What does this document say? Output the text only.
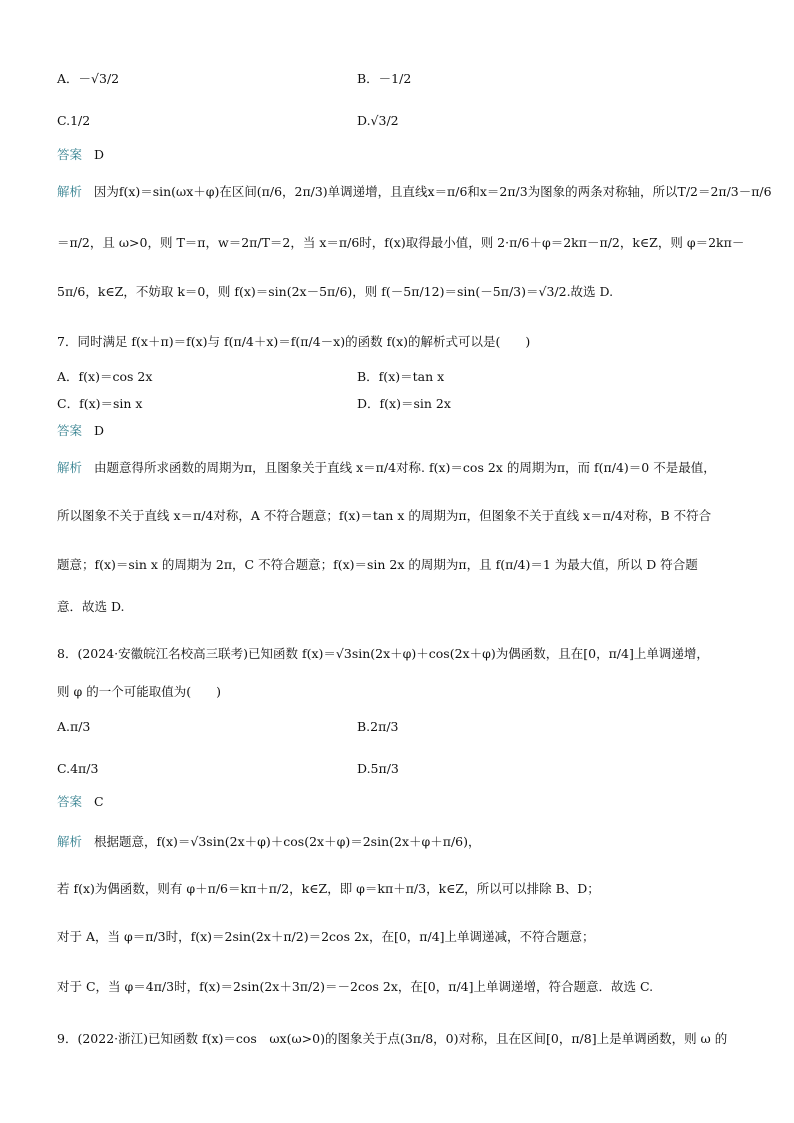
A．－√3/2	B．－1/2
C.1/2	D.√3/2
答案 D
解析 因为f(x)＝sin(ωx＋φ)在区间(π/6，2π/3)单调递增，且直线x＝π/6和x＝2π/3为图象的两条对称轴，所以T/2＝2π/3－π/6
＝π/2，且 ω>0，则 T＝π，w＝2π/T＝2，当 x＝π/6时，f(x)取得最小值，则 2·π/6＋φ＝2kπ－π/2，k∈Z，则 φ＝2kπ－
5π/6，k∈Z，不妨取 k＝0，则 f(x)＝sin(2x－5π/6)，则 f(－5π/12)＝sin(－5π/3)＝√3/2.故选 D.
7．同时满足 f(x＋π)＝f(x)与 f(π/4＋x)＝f(π/4－x)的函数 f(x)的解析式可以是(　　)
A．f(x)＝cos 2x	B．f(x)＝tan x
C．f(x)＝sin x	D．f(x)＝sin 2x
答案 D
解析 由题意得所求函数的周期为π，且图象关于直线 x＝π/4对称. f(x)＝cos 2x 的周期为π，而 f(π/4)＝0 不是最值，
所以图象不关于直线 x＝π/4对称，A 不符合题意；f(x)＝tan x 的周期为π，但图象不关于直线 x＝π/4对称，B 不符合
题意；f(x)＝sin x 的周期为 2π，C 不符合题意；f(x)＝sin 2x 的周期为π，且 f(π/4)＝1 为最大值，所以 D 符合题
意．故选 D.
8．(2024·安徽皖江名校高三联考)已知函数 f(x)＝√3sin(2x＋φ)＋cos(2x＋φ)为偶函数，且在[0，π/4]上单调递增，
则 φ 的一个可能取值为(　　)
A.π/3	B.2π/3
C.4π/3	D.5π/3
答案 C
解析 根据题意，f(x)＝√3sin(2x＋φ)＋cos(2x＋φ)＝2sin(2x＋φ＋π/6)，
若 f(x)为偶函数，则有 φ＋π/6＝kπ＋π/2，k∈Z，即 φ＝kπ＋π/3，k∈Z，所以可以排除 B、D；
对于 A，当 φ＝π/3时，f(x)＝2sin(2x＋π/2)＝2cos 2x，在[0，π/4]上单调递减，不符合题意；
对于 C，当 φ＝4π/3时，f(x)＝2sin(2x＋3π/2)＝－2cos 2x，在[0，π/4]上单调递增，符合题意．故选 C.
9．(2022·浙江)已知函数 f(x)＝cos　ωx(ω>0)的图象关于点(3π/8，0)对称，且在区间[0，π/8]上是单调函数，则 ω 的
